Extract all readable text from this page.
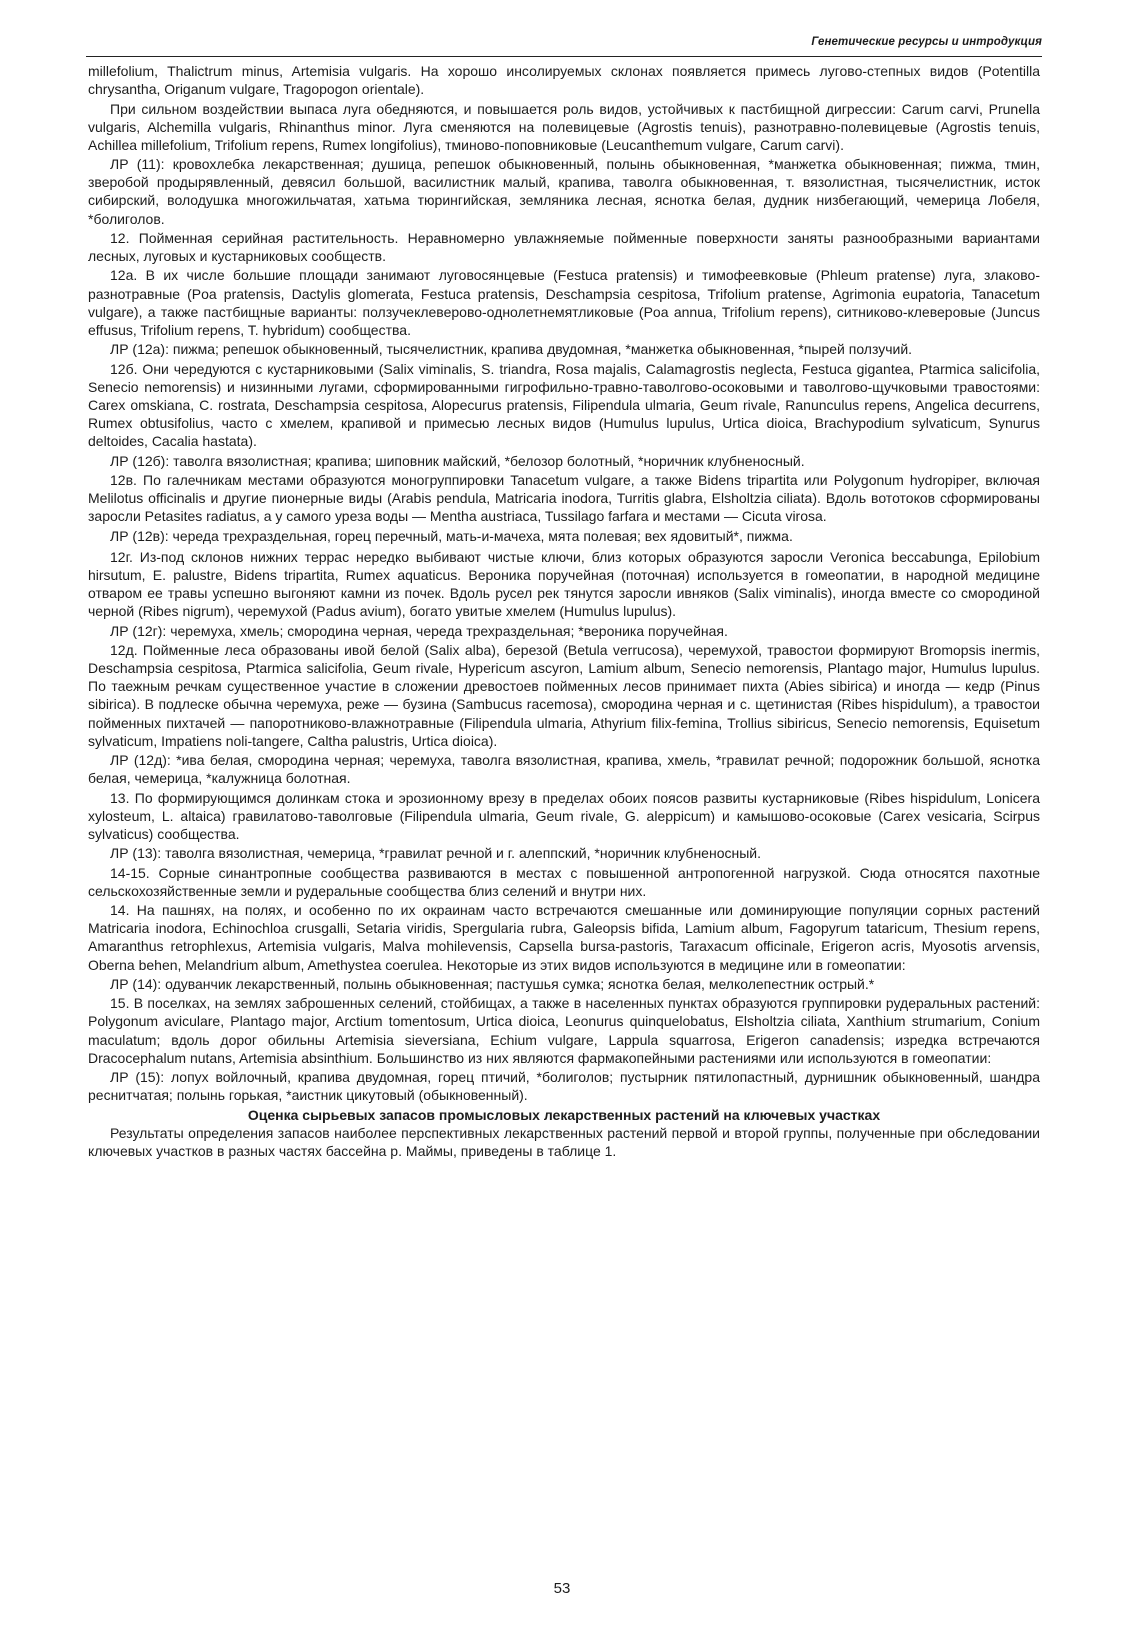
Генетические ресурсы и интродукция

millefolium, Thalictrum minus, Artemisia vulgaris. На хорошо инсолируемых склонах появляется примесь лугово-степных видов (Potentilla chrysantha, Origanum vulgare, Tragopogon orientale).

При сильном воздействии выпаса луга обедняются, и повышается роль видов, устойчивых к пастбищной дигрессии: Carum carvi, Prunella vulgaris, Alchemilla vulgaris, Rhinanthus minor. Луга сменяются на полевицевые (Agrostis tenuis), разнотравно-полевицевые (Agrostis tenuis, Achillea millefolium, Trifolium repens, Rumex longifolius), тминово-поповниковые (Leucanthemum vulgare, Carum carvi).

ЛР (11): кровохлебка лекарственная; душица, репешок обыкновенный, полынь обыкновенная, *манжетка обыкновенная; пижма, тмин, зверобой продырявленный, девясил большой, василистник малый, крапива, таволга обыкновенная, т. вязолистная, тысячелистник, исток сибирский, володушка многожильчатая, хатьма тюрингийская, земляника лесная, яснотка белая, дудник низбегающий, чемерица Лобеля, *болиголов.

12. Пойменная серийная растительность. Неравномерно увлажняемые пойменные поверхности заняты разнообразными вариантами лесных, луговых и кустарниковых сообществ.

12а. В их числе большие площади занимают луговосянцевые (Festuca pratensis) и тимофеевковые (Phleum pratense) луга, злаково-разнотравные (Poa pratensis, Dactylis glomerata, Festuca pratensis, Deschampsia cespitosa, Trifolium pratense, Agrimonia eupatoria, Tanacetum vulgare), а также пастбищные варианты: ползучеклеверово-однолетнемятликовые (Poa annua, Trifolium repens), ситниково-клеверовые (Juncus effusus, Trifolium repens, T. hybridum) сообщества.

ЛР (12а): пижма; репешок обыкновенный, тысячелистник, крапива двудомная, *манжетка обыкновенная, *пырей ползучий.

12б. Они чередуются с кустарниковыми (Salix viminalis, S. triandra, Rosa majalis, Calamagrostis neglecta, Festuca gigantea, Ptarmica salicifolia, Senecio nemorensis) и низинными лугами, сформированными гигрофильно-травно-таволгово-осоковыми и таволгово-щучковыми травостоями: Carex omskiana, C. rostrata, Deschampsia cespitosa, Alopecurus pratensis, Filipendula ulmaria, Geum rivale, Ranunculus repens, Angelica decurrens, Rumex obtusifolius, часто с хмелем, крапивой и примесью лесных видов (Humulus lupulus, Urtica dioica, Brachypodium sylvaticum, Synurus deltoides, Cacalia hastata).

ЛР (12б): таволга вязолистная; крапива; шиповник майский, *белозор болотный, *норичник клубненосный.

12в. По галечникам местами образуются моногруппировки Tanacetum vulgare, а также Bidens tripartita или Polygonum hydropiper, включая Melilotus officinalis и другие пионерные виды (Arabis pendula, Matricaria inodora, Turritis glabra, Elsholtzia ciliata). Вдоль вототоков сформированы заросли Petasites radiatus, а у самого уреза воды — Mentha austriaca, Tussilago farfara и местами — Cicuta virosa.

ЛР (12в): череда трехраздельная, горец перечный, мать-и-мачеха, мята полевая; вех ядовитый*, пижма.

12г. Из-под склонов нижних террас нередко выбивают чистые ключи, близ которых образуются заросли Veronica beccabunga, Epilobium hirsutum, E. palustre, Bidens tripartita, Rumex aquaticus. Вероника поручейная (поточная) используется в гомеопатии, в народной медицине отваром ее травы успешно выгоняют камни из почек. Вдоль русел рек тянутся заросли ивняков (Salix viminalis), иногда вместе со смородиной черной (Ribes nigrum), черемухой (Padus avium), богато увитые хмелем (Humulus lupulus).

ЛР (12г): черемуха, хмель; смородина черная, череда трехраздельная; *вероника поручейная.

12д. Пойменные леса образованы ивой белой (Salix alba), березой (Betula verrucosa), черемухой, травостои формируют Bromopsis inermis, Deschampsia cespitosa, Ptarmica salicifolia, Geum rivale, Hypericum ascyron, Lamium album, Senecio nemorensis, Plantago major, Humulus lupulus. По таежным речкам существенное участие в сложении древостоев пойменных лесов принимает пихта (Abies sibirica) и иногда — кедр (Pinus sibirica). В подлеске обычна черемуха, реже — бузина (Sambucus racemosa), смородина черная и с. щетинистая (Ribes hispidulum), а травостои пойменных пихтачей — папоротниково-влажнотравные (Filipendula ulmaria, Athyrium filix-femina, Trollius sibiricus, Senecio nemorensis, Equisetum sylvaticum, Impatiens noli-tangere, Caltha palustris, Urtica dioica).

ЛР (12д): *ива белая, смородина черная; черемуха, таволга вязолистная, крапива, хмель, *гравилат речной; подорожник большой, яснотка белая, чемерица, *калужница болотная.

13. По формирующимся долинкам стока и эрозионному врезу в пределах обоих поясов развиты кустарниковые (Ribes hispidulum, Lonicera xylosteum, L. altaica) гравилатово-таволговые (Filipendula ulmaria, Geum rivale, G. aleppicum) и камышово-осоковые (Carex vesicaria, Scirpus sylvaticus) сообщества.

ЛР (13): таволга вязолистная, чемерица, *гравилат речной и г. алеппский, *норичник клубненосный.

14-15. Сорные синантропные сообщества развиваются в местах с повышенной антропогенной нагрузкой. Сюда относятся пахотные сельскохозяйственные земли и рудеральные сообщества близ селений и внутри них.

14. На пашнях, на полях, и особенно по их окраинам часто встречаются смешанные или доминирующие популяции сорных растений Matricaria inodora, Echinochloa crusgalli, Setaria viridis, Spergularia rubra, Galeopsis bifida, Lamium album, Fagopyrum tataricum, Thesium repens, Amaranthus retrophlexus, Artemisia vulgaris, Malva mohilevensis, Capsella bursa-pastoris, Taraxacum officinale, Erigeron acris, Myosotis arvensis, Oberna behen, Melandrium album, Amethystea coerulea. Некоторые из этих видов используются в медицине или в гомеопатии:

ЛР (14): одуванчик лекарственный, полынь обыкновенная; пастушья сумка; яснотка белая, мелколепестник острый.*

15. В поселках, на землях заброшенных селений, стойбищах, а также в населенных пунктах образуются группировки рудеральных растений: Polygonum aviculare, Plantago major, Arctium tomentosum, Urtica dioica, Leonurus quinquelobatus, Elsholtzia ciliata, Xanthium strumarium, Conium maculatum; вдоль дорог обильны Artemisia sieversiana, Echium vulgare, Lappula squarrosa, Erigeron canadensis; изредка встречаются Dracocephalum nutans, Artemisia absinthium. Большинство из них являются фармакопейными растениями или используются в гомеопатии:

ЛР (15): лопух войлочный, крапива двудомная, горец птичий, *болиголов; пустырник пятилопастный, дурнишник обыкновенный, шандра реснитчатая; полынь горькая, *аистник цикутовый (обыкновенный).

Оценка сырьевых запасов промысловых лекарственных растений на ключевых участках

Результаты определения запасов наиболее перспективных лекарственных растений первой и второй группы, полученные при обследовании ключевых участков в разных частях бассейна р. Маймы, приведены в таблице 1.

53
